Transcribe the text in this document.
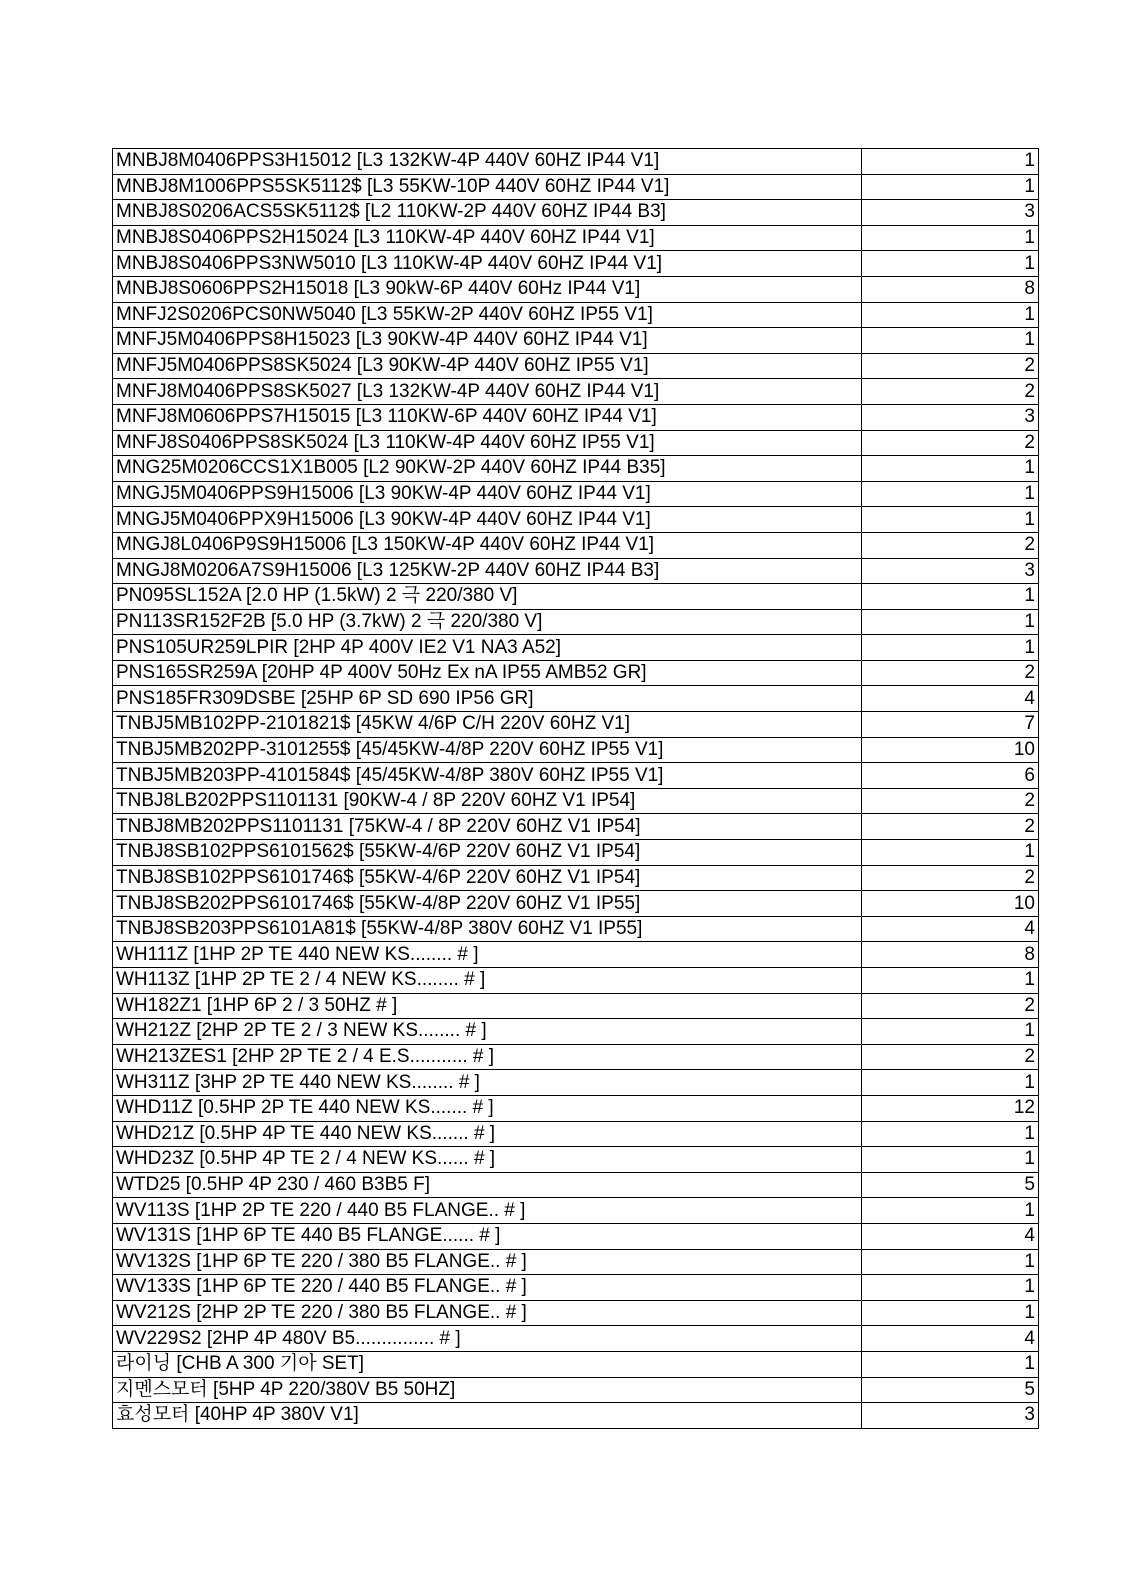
MNBJ8M0406PPS3H15012 [L3 132KW-4P 440V 60HZ IP44 V1]	1
MNBJ8M1006PPS5SK5112$ [L3 55KW-10P 440V 60HZ IP44 V1]	1
MNBJ8S0206ACS5SK5112$ [L2 110KW-2P 440V 60HZ IP44 B3]	3
MNBJ8S0406PPS2H15024 [L3 110KW-4P 440V 60HZ IP44 V1]	1
MNBJ8S0406PPS3NW5010 [L3 110KW-4P 440V 60HZ IP44 V1]	1
MNBJ8S0606PPS2H15018 [L3 90kW-6P 440V 60Hz IP44 V1]	8
MNFJ2S0206PCS0NW5040 [L3 55KW-2P 440V 60HZ IP55 V1]	1
MNFJ5M0406PPS8H15023 [L3 90KW-4P 440V 60HZ IP44 V1]	1
MNFJ5M0406PPS8SK5024 [L3 90KW-4P 440V 60HZ IP55 V1]	2
MNFJ8M0406PPS8SK5027 [L3 132KW-4P 440V 60HZ IP44 V1]	2
MNFJ8M0606PPS7H15015 [L3 110KW-6P 440V 60HZ IP44 V1]	3
MNFJ8S0406PPS8SK5024 [L3 110KW-4P 440V 60HZ IP55 V1]	2
MNG25M0206CCS1X1B005 [L2 90KW-2P 440V 60HZ IP44 B35]	1
MNGJ5M0406PPS9H15006 [L3 90KW-4P 440V 60HZ IP44 V1]	1
MNGJ5M0406PPX9H15006 [L3 90KW-4P 440V 60HZ IP44 V1]	1
MNGJ8L0406P9S9H15006 [L3 150KW-4P 440V 60HZ IP44 V1]	2
MNGJ8M0206A7S9H15006 [L3 125KW-2P 440V 60HZ IP44 B3]	3
PN095SL152A [2.0 HP (1.5kW) 2 극 220/380 V]	1
PN113SR152F2B [5.0 HP (3.7kW) 2 극 220/380 V]	1
PNS105UR259LPIR [2HP 4P 400V IE2 V1 NA3 A52]	1
PNS165SR259A [20HP 4P 400V 50Hz Ex nA IP55 AMB52 GR]	2
PNS185FR309DSBE [25HP 6P SD 690 IP56 GR]	4
TNBJ5MB102PP-2101821$ [45KW 4/6P C/H 220V 60HZ V1]	7
TNBJ5MB202PP-3101255$ [45/45KW-4/8P 220V 60HZ IP55 V1]	10
TNBJ5MB203PP-4101584$ [45/45KW-4/8P 380V 60HZ IP55 V1]	6
TNBJ8LB202PPS1101131 [90KW-4 / 8P 220V 60HZ V1 IP54]	2
TNBJ8MB202PPS1101131 [75KW-4 / 8P 220V 60HZ V1 IP54]	2
TNBJ8SB102PPS6101562$ [55KW-4/6P 220V 60HZ V1 IP54]	1
TNBJ8SB102PPS6101746$ [55KW-4/6P 220V 60HZ V1 IP54]	2
TNBJ8SB202PPS6101746$ [55KW-4/8P 220V 60HZ V1 IP55]	10
TNBJ8SB203PPS6101A81$ [55KW-4/8P 380V 60HZ V1 IP55]	4
WH111Z [1HP 2P TE 440 NEW KS........ # ]	8
WH113Z [1HP 2P TE 2 / 4 NEW KS........ # ]	1
WH182Z1 [1HP 6P 2 / 3 50HZ # ]	2
WH212Z [2HP 2P TE 2 / 3 NEW KS........ # ]	1
WH213ZES1 [2HP 2P TE 2 / 4 E.S........... # ]	2
WH311Z [3HP 2P TE 440 NEW KS........ # ]	1
WHD11Z [0.5HP 2P TE 440 NEW KS....... # ]	12
WHD21Z [0.5HP 4P TE 440 NEW KS....... # ]	1
WHD23Z [0.5HP 4P TE 2 / 4 NEW KS...... # ]	1
WTD25 [0.5HP 4P 230 / 460 B3B5 F]	5
WV113S [1HP 2P TE 220 / 440 B5 FLANGE.. # ]	1
WV131S [1HP 6P TE 440 B5 FLANGE...... # ]	4
WV132S [1HP 6P TE 220 / 380 B5 FLANGE.. # ]	1
WV133S [1HP 6P TE 220 / 440 B5 FLANGE.. # ]	1
WV212S [2HP 2P TE 220 / 380 B5 FLANGE.. # ]	1
WV229S2 [2HP 4P 480V B5............... # ]	4
라이닝 [CHB A 300 기아 SET]	1
지멘스모터 [5HP 4P 220/380V B5 50HZ]	5
효성모터 [40HP 4P 380V V1]	3
